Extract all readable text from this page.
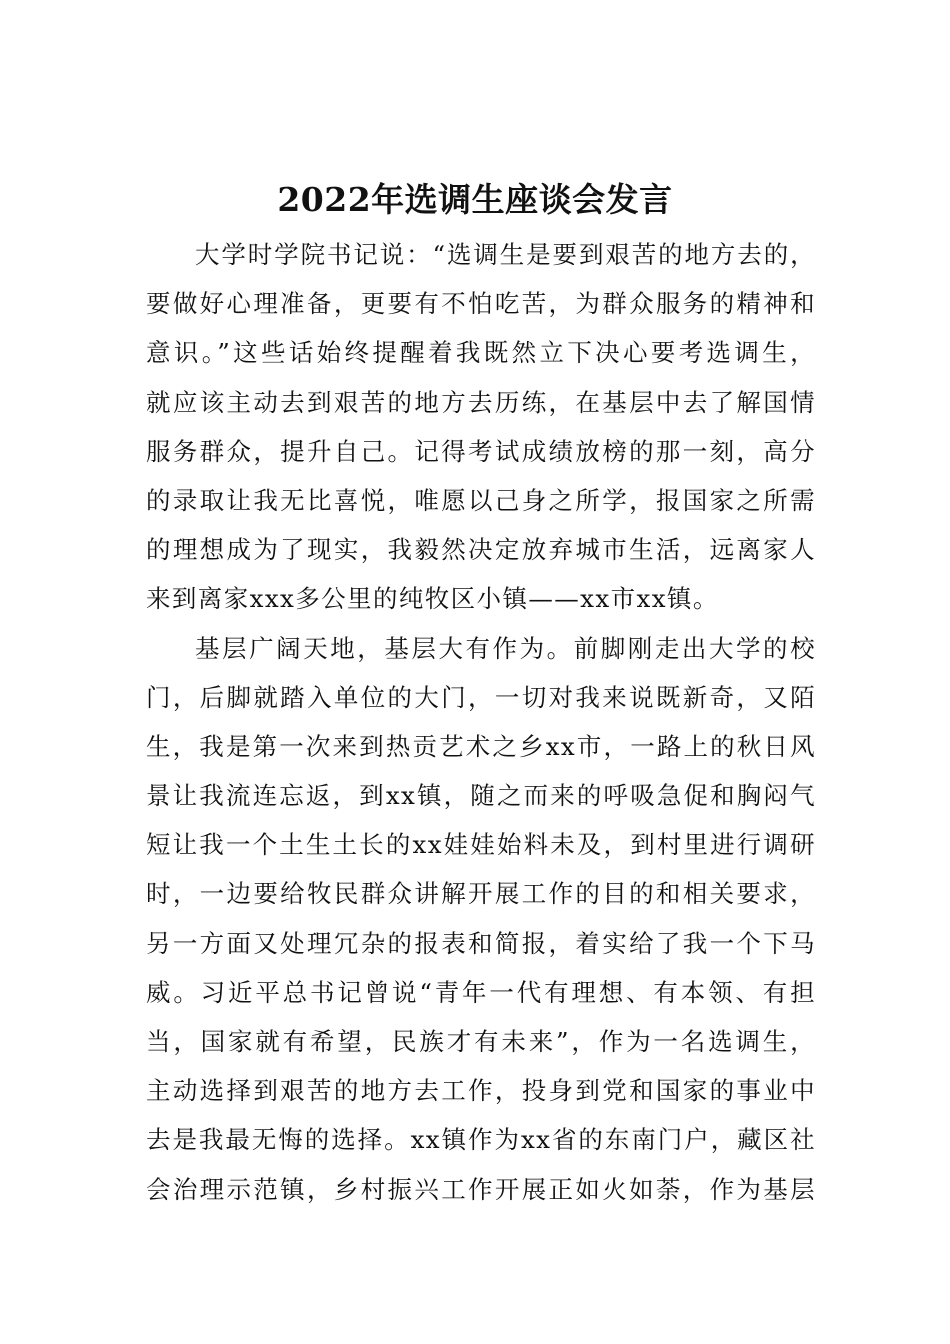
2022年选调生座谈会发言
大学时学院书记说：“选调生是要到艰苦的地方去的，
要做好心理准备，更要有不怕吃苦，为群众服务的精神和
意识。”这些话始终提醒着我既然立下决心要考选调生，
就应该主动去到艰苦的地方去历练，在基层中去了解国情
服务群众，提升自己。记得考试成绩放榜的那一刻，高分
的录取让我无比喜悦，唯愿以己身之所学，报国家之所需
的理想成为了现实，我毅然决定放弃城市生活，远离家人
来到离家xxx多公里的纯牧区小镇——xx市xx镇。
基层广阔天地，基层大有作为。前脚刚走出大学的校
门，后脚就踏入单位的大门，一切对我来说既新奇，又陌
生，我是第一次来到热贡艺术之乡xx市，一路上的秋日风
景让我流连忘返，到xx镇，随之而来的呼吸急促和胸闷气
短让我一个土生土长的xx娃娃始料未及，到村里进行调研
时，一边要给牧民群众讲解开展工作的目的和相关要求，
另一方面又处理冗杂的报表和简报，着实给了我一个下马
威。习近平总书记曾说“青年一代有理想、有本领、有担
当，国家就有希望，民族才有未来”，作为一名选调生，
主动选择到艰苦的地方去工作，投身到党和国家的事业中
去是我最无悔的选择。xx镇作为xx省的东南门户，藏区社
会治理示范镇，乡村振兴工作开展正如火如荼，作为基层
